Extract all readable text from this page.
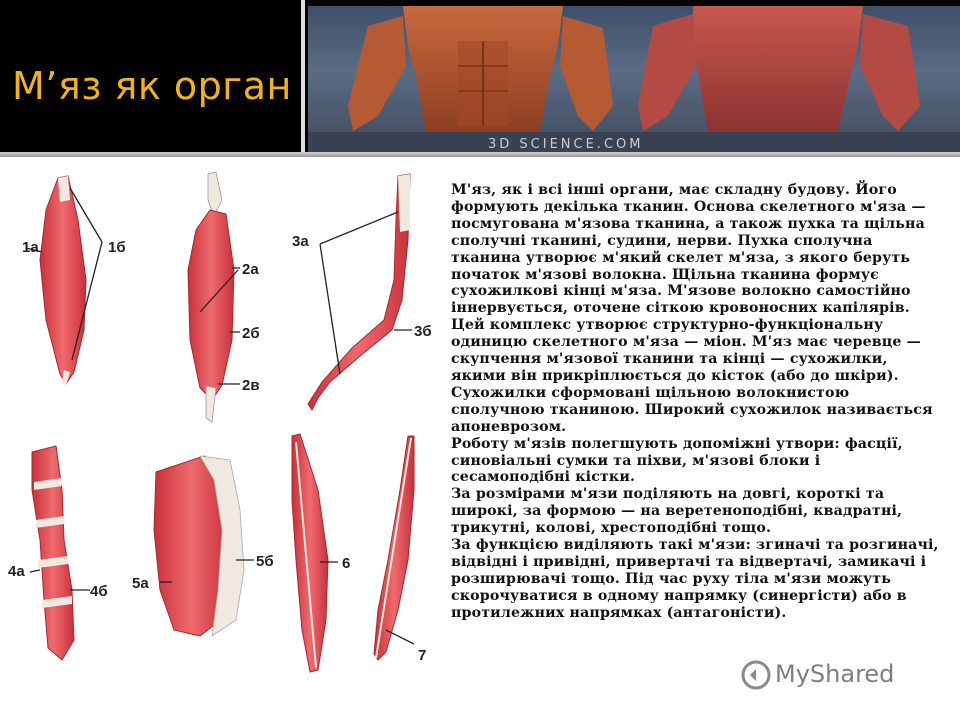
М’яз як орган
3D SCIENCE.COM
1а	1б
2а
2б
2в
3а
3б
4а
4б 5а
5б	6
7

М'яз, як і всі інші органи, має складну будову. Його формують декілька тканин. Основа скелетного м'яза — посмугована м'язова тканина, а також пухка та щільна сполучні тканині, судини, нерви. Пухка сполучна тканина утворює м'який скелет м'яза, з якого беруть початок м'язові волокна. Щільна тканина формує сухожилкові кінці м'яза. М'язове волокно самостійно іннервується, оточене сіткою кровоносних капілярів. Цей комплекс утворює структурно-функціональну одиницю скелетного м'яза — міон. М'яз має черевце — скупчення м'язової тканини та кінці — сухожилки, якими він прикріплюється до кісток (або до шкіри). Сухожилки сформовані щільною волокнистою сполучною тканиною. Широкий сухожилок називається апоневрозом.

Роботу м'язів полегшують допоміжні утвори: фасції, синовіальні сумки та піхви, м'язові блоки і сесамоподібні кістки.

За розмірами м'язи поділяють на довгі, короткі та широкі, за формою — на веретеноподібні, квадратні, трикутні, колові, хрестоподібні тощо.

За функцією виділяють такі м'язи: згиначі та розгиначі, відвідні і привідні, привертачі та відвертачі, замикачі і розширювачі тощо. Під час руху тіла м'язи можуть скорочуватися в одному напрямку (синергісти) або в протилежних напрямках (антагоністи).

MyShared
